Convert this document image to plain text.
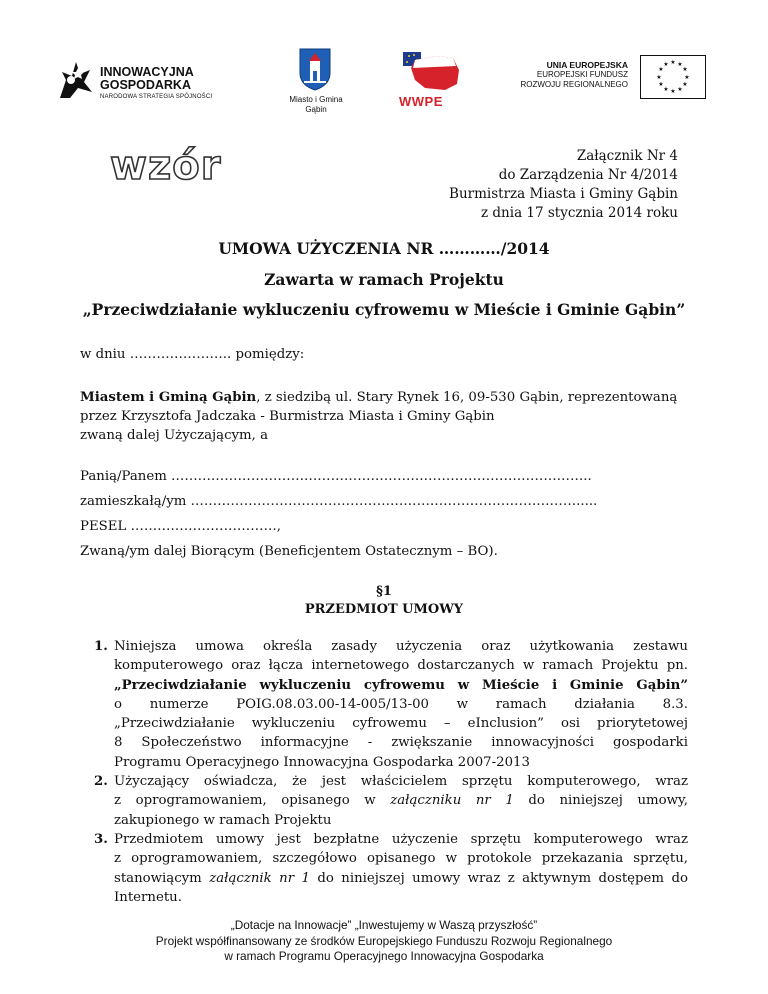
INNOWACYJNA
GOSPODARKA
NARODOWA STRATEGIA SPÓJNOŚCI	Miasto i Gmina
Gąbin	WWPE
UNIA EUROPEJSKA
EUROPEJSKI FUNDUSZ
ROZWOJU REGIONALNEGO
★ ★
★
★
★
★
★
★
★
★
★
★
wzór	Załącznik Nr 4
do Zarządzenia Nr 4/2014
Burmistrza Miasta i Gminy Gąbin
z dnia 17 stycznia 2014 roku
UMOWA UŻYCZENIA NR …………/2014
Zawarta w ramach Projektu
„Przeciwdziałanie wykluczeniu cyfrowemu w Mieście i Gminie Gąbin”
w dniu ………………….. pomiędzy:
Miastem i Gminą Gąbin, z siedzibą ul. Stary Rynek 16, 09-530 Gąbin, reprezentowaną
przez Krzysztofa Jadczaka - Burmistrza Miasta i Gminy Gąbin
zwaną dalej Użyczającym, a
Panią/Panem …………………………………………………………………………………..
zamieszkałą/ym …………………………………………………………………………….....
PESEL ……………………………,
Zwaną/ym dalej Biorącym (Beneficjentem Ostatecznym – BO).
§1
PRZEDMIOT UMOWY
1. Niniejsza umowa określa zasady użyczenia oraz użytkowania zestawu
komputerowego oraz łącza internetowego dostarczanych w ramach Projektu pn.
„Przeciwdziałanie wykluczeniu cyfrowemu w Mieście i Gminie Gąbin”
o numerze POIG.08.03.00-14-005/13-00 w ramach działania 8.3.
„Przeciwdziałanie wykluczeniu cyfrowemu – eInclusion” osi priorytetowej
8 Społeczeństwo informacyjne - zwiększanie innowacyjności gospodarki
Programu Operacyjnego Innowacyjna Gospodarka 2007-2013
2. Użyczający oświadcza, że jest właścicielem sprzętu komputerowego, wraz
z oprogramowaniem, opisanego w załączniku nr 1 do niniejszej umowy,
zakupionego w ramach Projektu
3. Przedmiotem umowy jest bezpłatne użyczenie sprzętu komputerowego wraz
z oprogramowaniem, szczegółowo opisanego w protokole przekazania sprzętu,
stanowiącym załącznik nr 1 do niniejszej umowy wraz z aktywnym dostępem do
Internetu.
„Dotacje na Innowacje” „Inwestujemy w Waszą przyszłość”
Projekt współfinansowany ze środków Europejskiego Funduszu Rozwoju Regionalnego
w ramach Programu Operacyjnego Innowacyjna Gospodarka
